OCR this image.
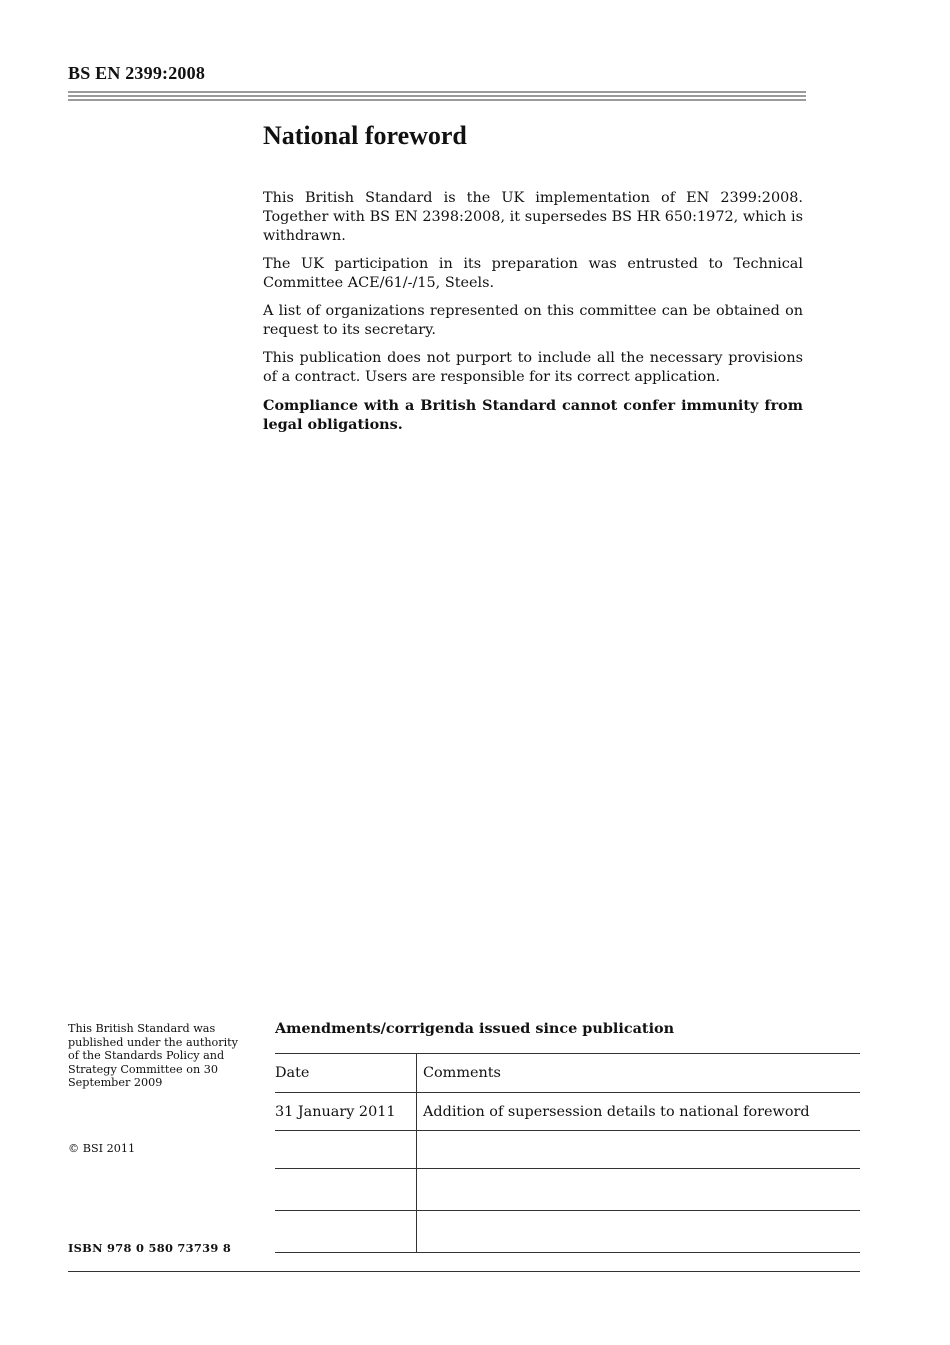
BS EN 2399:2008
National foreword

This British Standard is the UK implementation of EN 2399:2008. Together with BS EN 2398:2008, it supersedes BS HR 650:1972, which is withdrawn.

The UK participation in its preparation was entrusted to Technical Committee ACE/61/-/15, Steels.

A list of organizations represented on this committee can be obtained on request to its secretary.

This publication does not purport to include all the necessary provisions of a contract. Users are responsible for its correct application.

Compliance with a British Standard cannot confer immunity from legal obligations.

This British Standard was published under the authority of the Standards Policy and Strategy Committee on 30 September 2009
© BSI 2011
ISBN 978 0 580 73739 8
Amendments/corrigenda issued since publication
Date	Comments
31 January 2011	Addition of supersession details to national foreword
